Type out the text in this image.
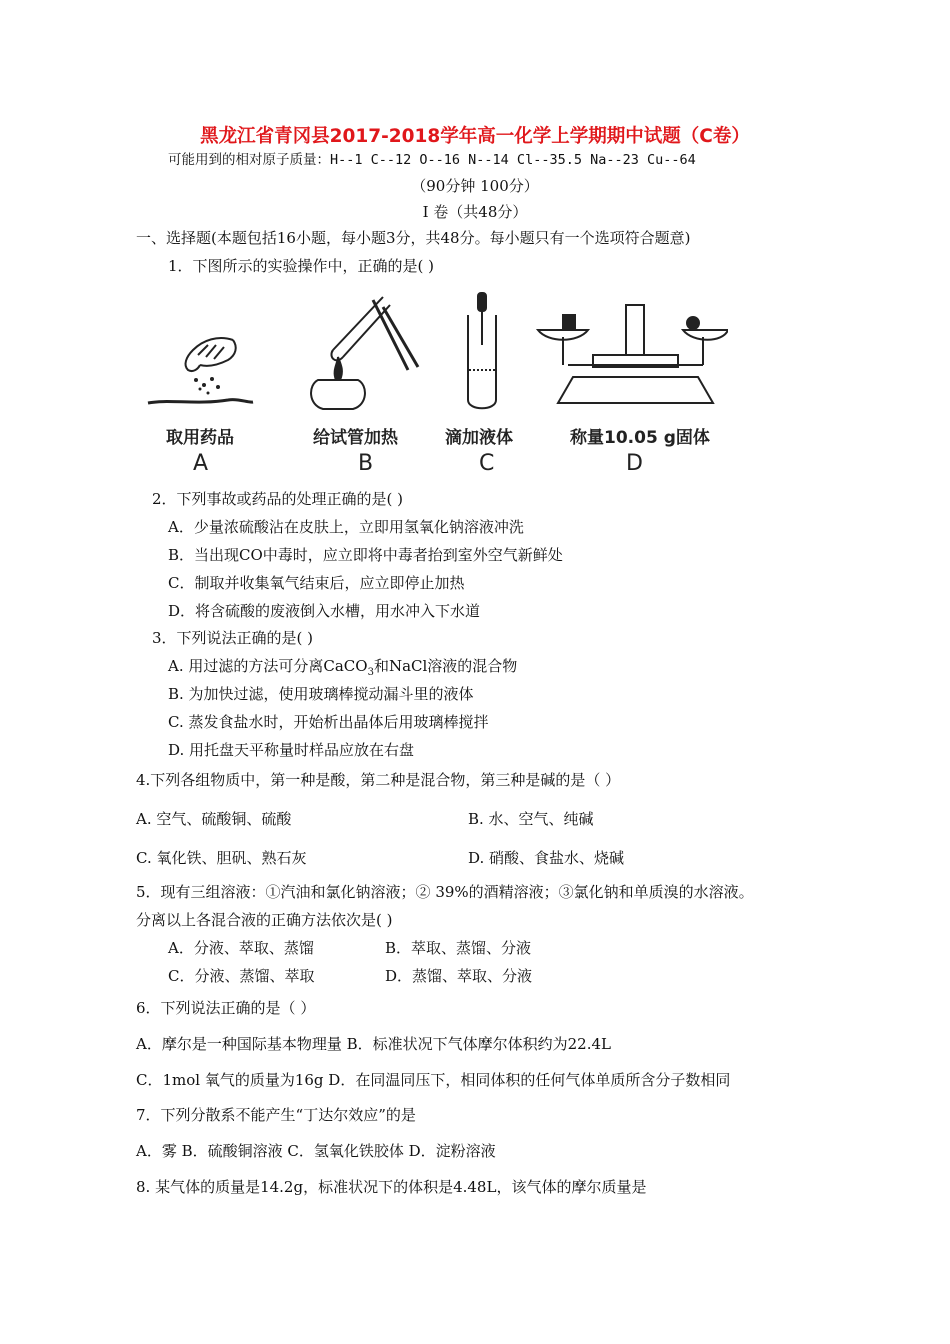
黑龙江省青冈县2017-2018学年高一化学上学期期中试题（C卷）
可能用到的相对原子质量：H--1 C--12 O--16 N--14 Cl--35.5 Na--23 Cu--64
（90分钟 100分）
Ⅰ 卷（共48分）
一、选择题(本题包括16小题，每小题3分，共48分。每小题只有一个选项符合题意)
1．下图所示的实验操作中，正确的是( )
取用药品	给试管加热	滴加液体	称量10.05 g固体
A	B	C	D
2．下列事故或药品的处理正确的是( )
A．少量浓硫酸沾在皮肤上，立即用氢氧化钠溶液冲洗
B．当出现CO中毒时，应立即将中毒者抬到室外空气新鲜处
C．制取并收集氧气结束后，应立即停止加热
D．将含硫酸的废液倒入水槽，用水冲入下水道
3．下列说法正确的是( )
A. 用过滤的方法可分离CaCO$_3$和NaCl溶液的混合物
B. 为加快过滤，使用玻璃棒搅动漏斗里的液体
C. 蒸发食盐水时，开始析出晶体后用玻璃棒搅拌
D. 用托盘天平称量时样品应放在右盘
4.下列各组物质中，第一种是酸，第二种是混合物，第三种是碱的是（ ）
A. 空气、硫酸铜、硫酸	B. 水、空气、纯碱
C. 氧化铁、胆矾、熟石灰	D. 硝酸、食盐水、烧碱
5．现有三组溶液：①汽油和氯化钠溶液；② 39%的酒精溶液；③氯化钠和单质溴的水溶液。
分离以上各混合液的正确方法依次是( )
A．分液、萃取、蒸馏	B．萃取、蒸馏、分液
C．分液、蒸馏、萃取	D．蒸馏、萃取、分液
6．下列说法正确的是（ ）
A．摩尔是一种国际基本物理量 B．标准状况下气体摩尔体积约为22.4L
C．1mol 氧气的质量为16g D．在同温同压下，相同体积的任何气体单质所含分子数相同
7．下列分散系不能产生“丁达尔效应”的是
A．雾 B．硫酸铜溶液 C．氢氧化铁胶体 D．淀粉溶液
8. 某气体的质量是14.2g，标准状况下的体积是4.48L，该气体的摩尔质量是
